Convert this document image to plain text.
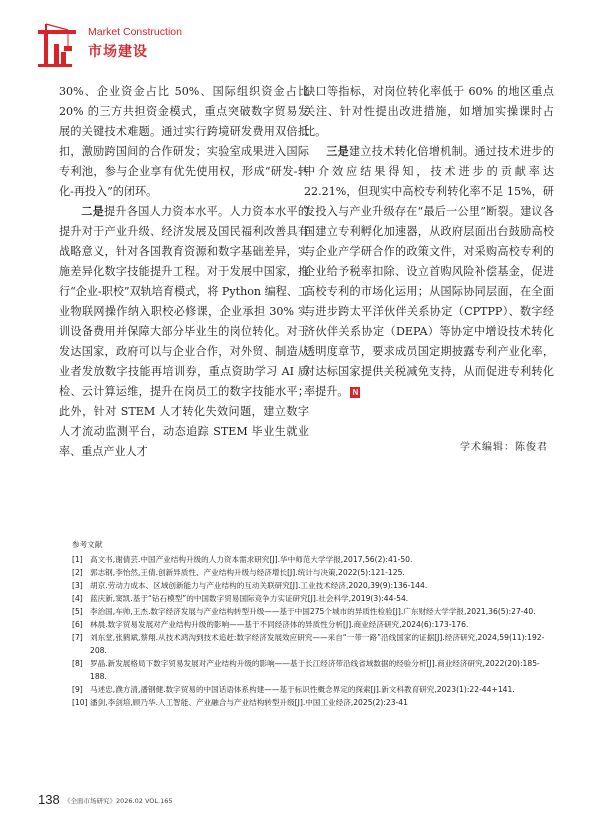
Market Construction
市场建设

30%、企业资金占比 50%、国际组织资金占比 20% 的三方共担资金模式，重点突破数字贸易发展的关键技术难题。通过实行跨境研发费用双倍抵扣，激励跨国间的合作研发；实验室成果进入国际专利池，参与企业享有优先使用权，形成“研发-转化-再投入”的闭环。

二是提升各国人力资本水平。人力资本水平的提升对于产业升级、经济发展及国民福利改善具有战略意义，针对各国教育资源和数字基础差异，实施差异化数字技能提升工程。对于发展中国家，推行“企业-职校”双轨培育模式，将 Python 编程、工业物联网操作纳入职校必修课，企业承担 30% 实训设备费用并保障大部分毕业生的岗位转化。对于发达国家，政府可以与企业合作，对外贸、制造从业者发放数字技能再培训券，重点资助学习 AI 质检、云计算运维，提升在岗员工的数字技能水平；此外，针对 STEM 人才转化失效问题，建立数字人才流动监测平台，动态追踪 STEM 毕业生就业率、重点产业人才

缺口等指标，对岗位转化率低于 60% 的地区重点关注、针对性提出改进措施，如增加实操课时占比。

三是建立技术转化倍增机制。通过技术进步的中介效应结果得知，技术进步的贡献率达 22.21%，但现实中高校专利转化率不足 15%，研发投入与产业升级存在“最后一公里”断裂。建议各国建立专利孵化加速器，从政府层面出台鼓励高校与企业产学研合作的政策文件，对采购高校专利的企业给予税率扣除、设立首购风险补偿基金，促进高校专利的市场化运用；从国际协同层面，在全面与进步跨太平洋伙伴关系协定（CPTPP）、数字经济伙伴关系协定（DEPA）等协定中增设技术转化透明度章节，要求成员国定期披露专利产业化率，对达标国家提供关税减免支持，从而促进专利转化率提升。 N

学术编辑：陈俊君
参考文献
[1] 高文书,谢倩芸.中国产业结构升级的人力资本需求研究[J].华中师范大学学报,2017,56(2):41-50.
[2] 郭志钢,李怡然,王倩.创新异质性、产业结构升级与经济增长[J].统计与决策,2022(5):121-125.
[3] 胡京.劳动力成本、区域创新能力与产业结构的互动关联研究[J].工业技术经济,2020,39(9):136-144.
[4] 蓝庆新,窦凯.基于“钻石模型”的中国数字贸易国际竞争力实证研究[J].社会科学,2019(3):44-54.
[5] 李治国,车帅,王杰.数字经济发展与产业结构转型升级——基于中国275个城市的异质性检验[J].广东财经大学学报,2021,36(5):27-40.
[6] 林晨.数字贸易发展对产业结构升级的影响——基于不同经济体的异质性分析[J].商业经济研究,2024(6):173-176.
[7] 刘东堂,张鹤斌,蔡翔.从技术鸿沟到技术追赶:数字经济发展效应研究——来自“一带一路”沿线国家的证据[J].经济研究,2024,59(11):192-208.
[8] 罗晶.新发展格局下数字贸易发展对产业结构升级的影响——基于长江经济带沿线省域数据的经验分析[J].商业经济研究,2022(20):185-188.
[9] 马述忠,濮方清,潘钢健.数字贸易的中国话语体系构建——基于标识性概念界定的探索[J].新文科教育研究,2023(1):22-44+141.
[10] 潘剑,李剑培,顾乃华.人工智能、产业融合与产业结构转型升级[J].中国工业经济,2025(2):23-41
138 《全面市场研究》2026.02 VOL.165
